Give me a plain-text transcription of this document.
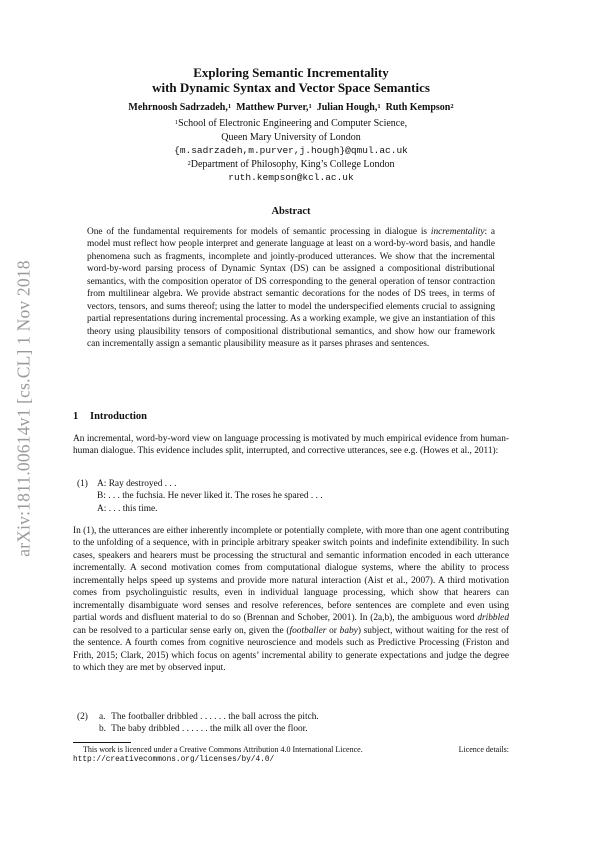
arXiv:1811.00614v1 [cs.CL] 1 Nov 2018
Exploring Semantic Incrementality
with Dynamic Syntax and Vector Space Semantics
Mehrnoosh Sadrzadeh,$^1$ Matthew Purver,$^1$ Julian Hough,$^1$ Ruth Kempson$^2$
$^1$School of Electronic Engineering and Computer Science,
Queen Mary University of London
{m.sadrzadeh,m.purver,j.hough}@qmul.ac.uk
$^2$Department of Philosophy, King’s College London
ruth.kempson@kcl.ac.uk
Abstract

One of the fundamental requirements for models of semantic processing in dialogue is incrementality: a model must reflect how people interpret and generate language at least on a word-by-word basis, and handle phenomena such as fragments, incomplete and jointly-produced utterances. We show that the incremental word-by-word parsing process of Dynamic Syntax (DS) can be assigned a compositional distributional semantics, with the composition operator of DS corresponding to the general operation of tensor contraction from multilinear algebra. We provide abstract semantic decorations for the nodes of DS trees, in terms of vectors, tensors, and sums thereof; using the latter to model the underspecified elements crucial to assigning partial representations during incremental processing. As a working example, we give an instantiation of this theory using plausibility tensors of compositional distributional semantics, and show how our framework can incrementally assign a semantic plausibility measure as it parses phrases and sentences.

1 Introduction

An incremental, word-by-word view on language processing is motivated by much empirical evidence from human-human dialogue. This evidence includes split, interrupted, and corrective utterances, see e.g. (Howes et al., 2011):

(1) A: Ray destroyed . . .
B: . . . the fuchsia. He never liked it. The roses he spared . . .
A: . . . this time.

In (1), the utterances are either inherently incomplete or potentially complete, with more than one agent contributing to the unfolding of a sequence, with in principle arbitrary speaker switch points and indefinite extendibility. In such cases, speakers and hearers must be processing the structural and semantic information encoded in each utterance incrementally. A second motivation comes from computational dialogue systems, where the ability to process incrementally helps speed up systems and provide more natural interaction (Aist et al., 2007). A third motivation comes from psycholinguistic results, even in individual language processing, which show that hearers can incrementally disambiguate word senses and resolve references, before sentences are complete and even using partial words and disfluent material to do so (Brennan and Schober, 2001). In (2a,b), the ambiguous word dribbled can be resolved to a particular sense early on, given the (footballer or baby) subject, without waiting for the rest of the sentence. A fourth comes from cognitive neuroscience and models such as Predictive Processing (Friston and Frith, 2015; Clark, 2015) which focus on agents’ incremental ability to generate expectations and judge the degree to which they are met by observed input.

(2) a. The footballer dribbled . . . . . . the ball across the pitch.
b. The baby dribbled . . . . . . the milk all over the floor.
This work is licenced under a Creative Commons Attribution 4.0 International Licence.	Licence details:
http://creativecommons.org/licenses/by/4.0/
